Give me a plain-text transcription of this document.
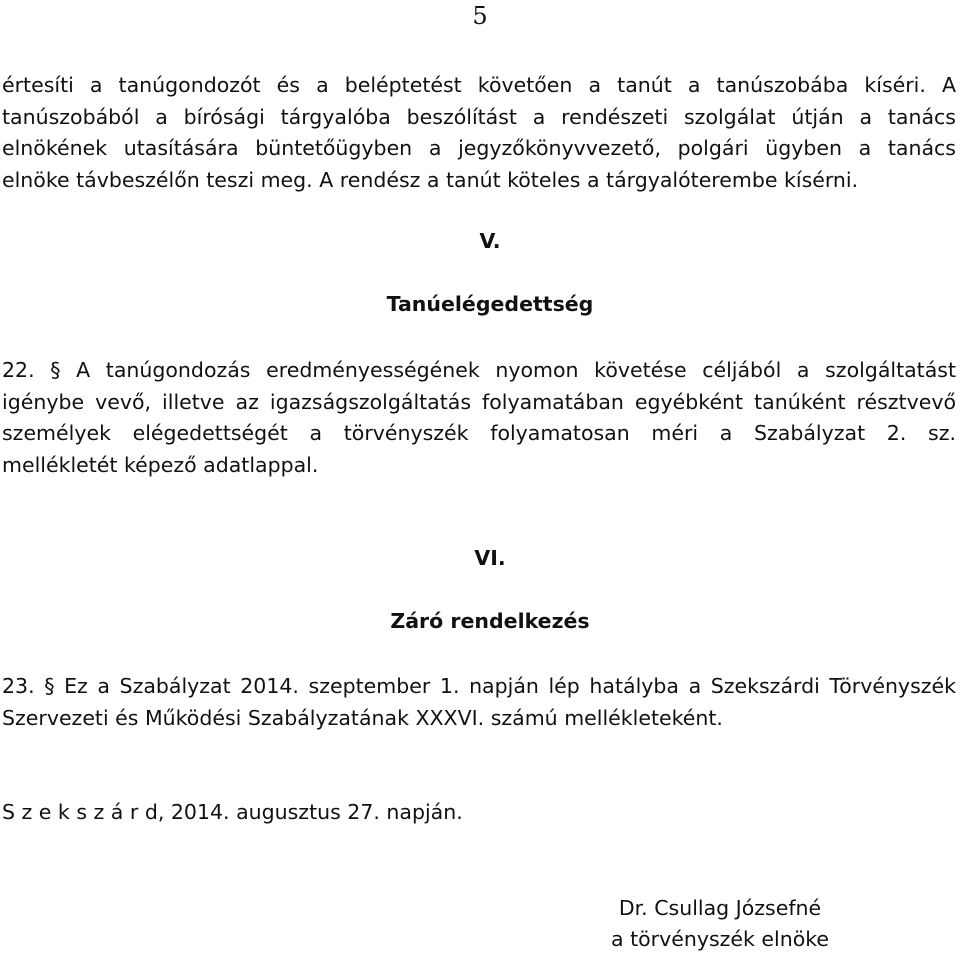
5
értesíti a tanúgondozót és a beléptetést követően a tanút a tanúszobába kíséri. A
tanúszobából a bírósági tárgyalóba beszólítást a rendészeti szolgálat útján a tanács
elnökének utasítására büntetőügyben a jegyzőkönyvvezető, polgári ügyben a tanács
elnöke távbeszélőn teszi meg. A rendész a tanút köteles a tárgyalóterembe kísérni.
V.
Tanúelégedettség
22. § A tanúgondozás eredményességének nyomon követése céljából a szolgáltatást
igénybe vevő, illetve az igazságszolgáltatás folyamatában egyébként tanúként résztvevő
személyek elégedettségét a törvényszék folyamatosan méri a Szabályzat 2. sz.
mellékletét képező adatlappal.
VI.
Záró rendelkezés
23. § Ez a Szabályzat 2014. szeptember 1. napján lép hatályba a Szekszárdi Törvényszék
Szervezeti és Működési Szabályzatának XXXVI. számú mellékleteként.
S z e k s z á r d, 2014. augusztus 27. napján.
Dr. Csullag Józsefné
a törvényszék elnöke
